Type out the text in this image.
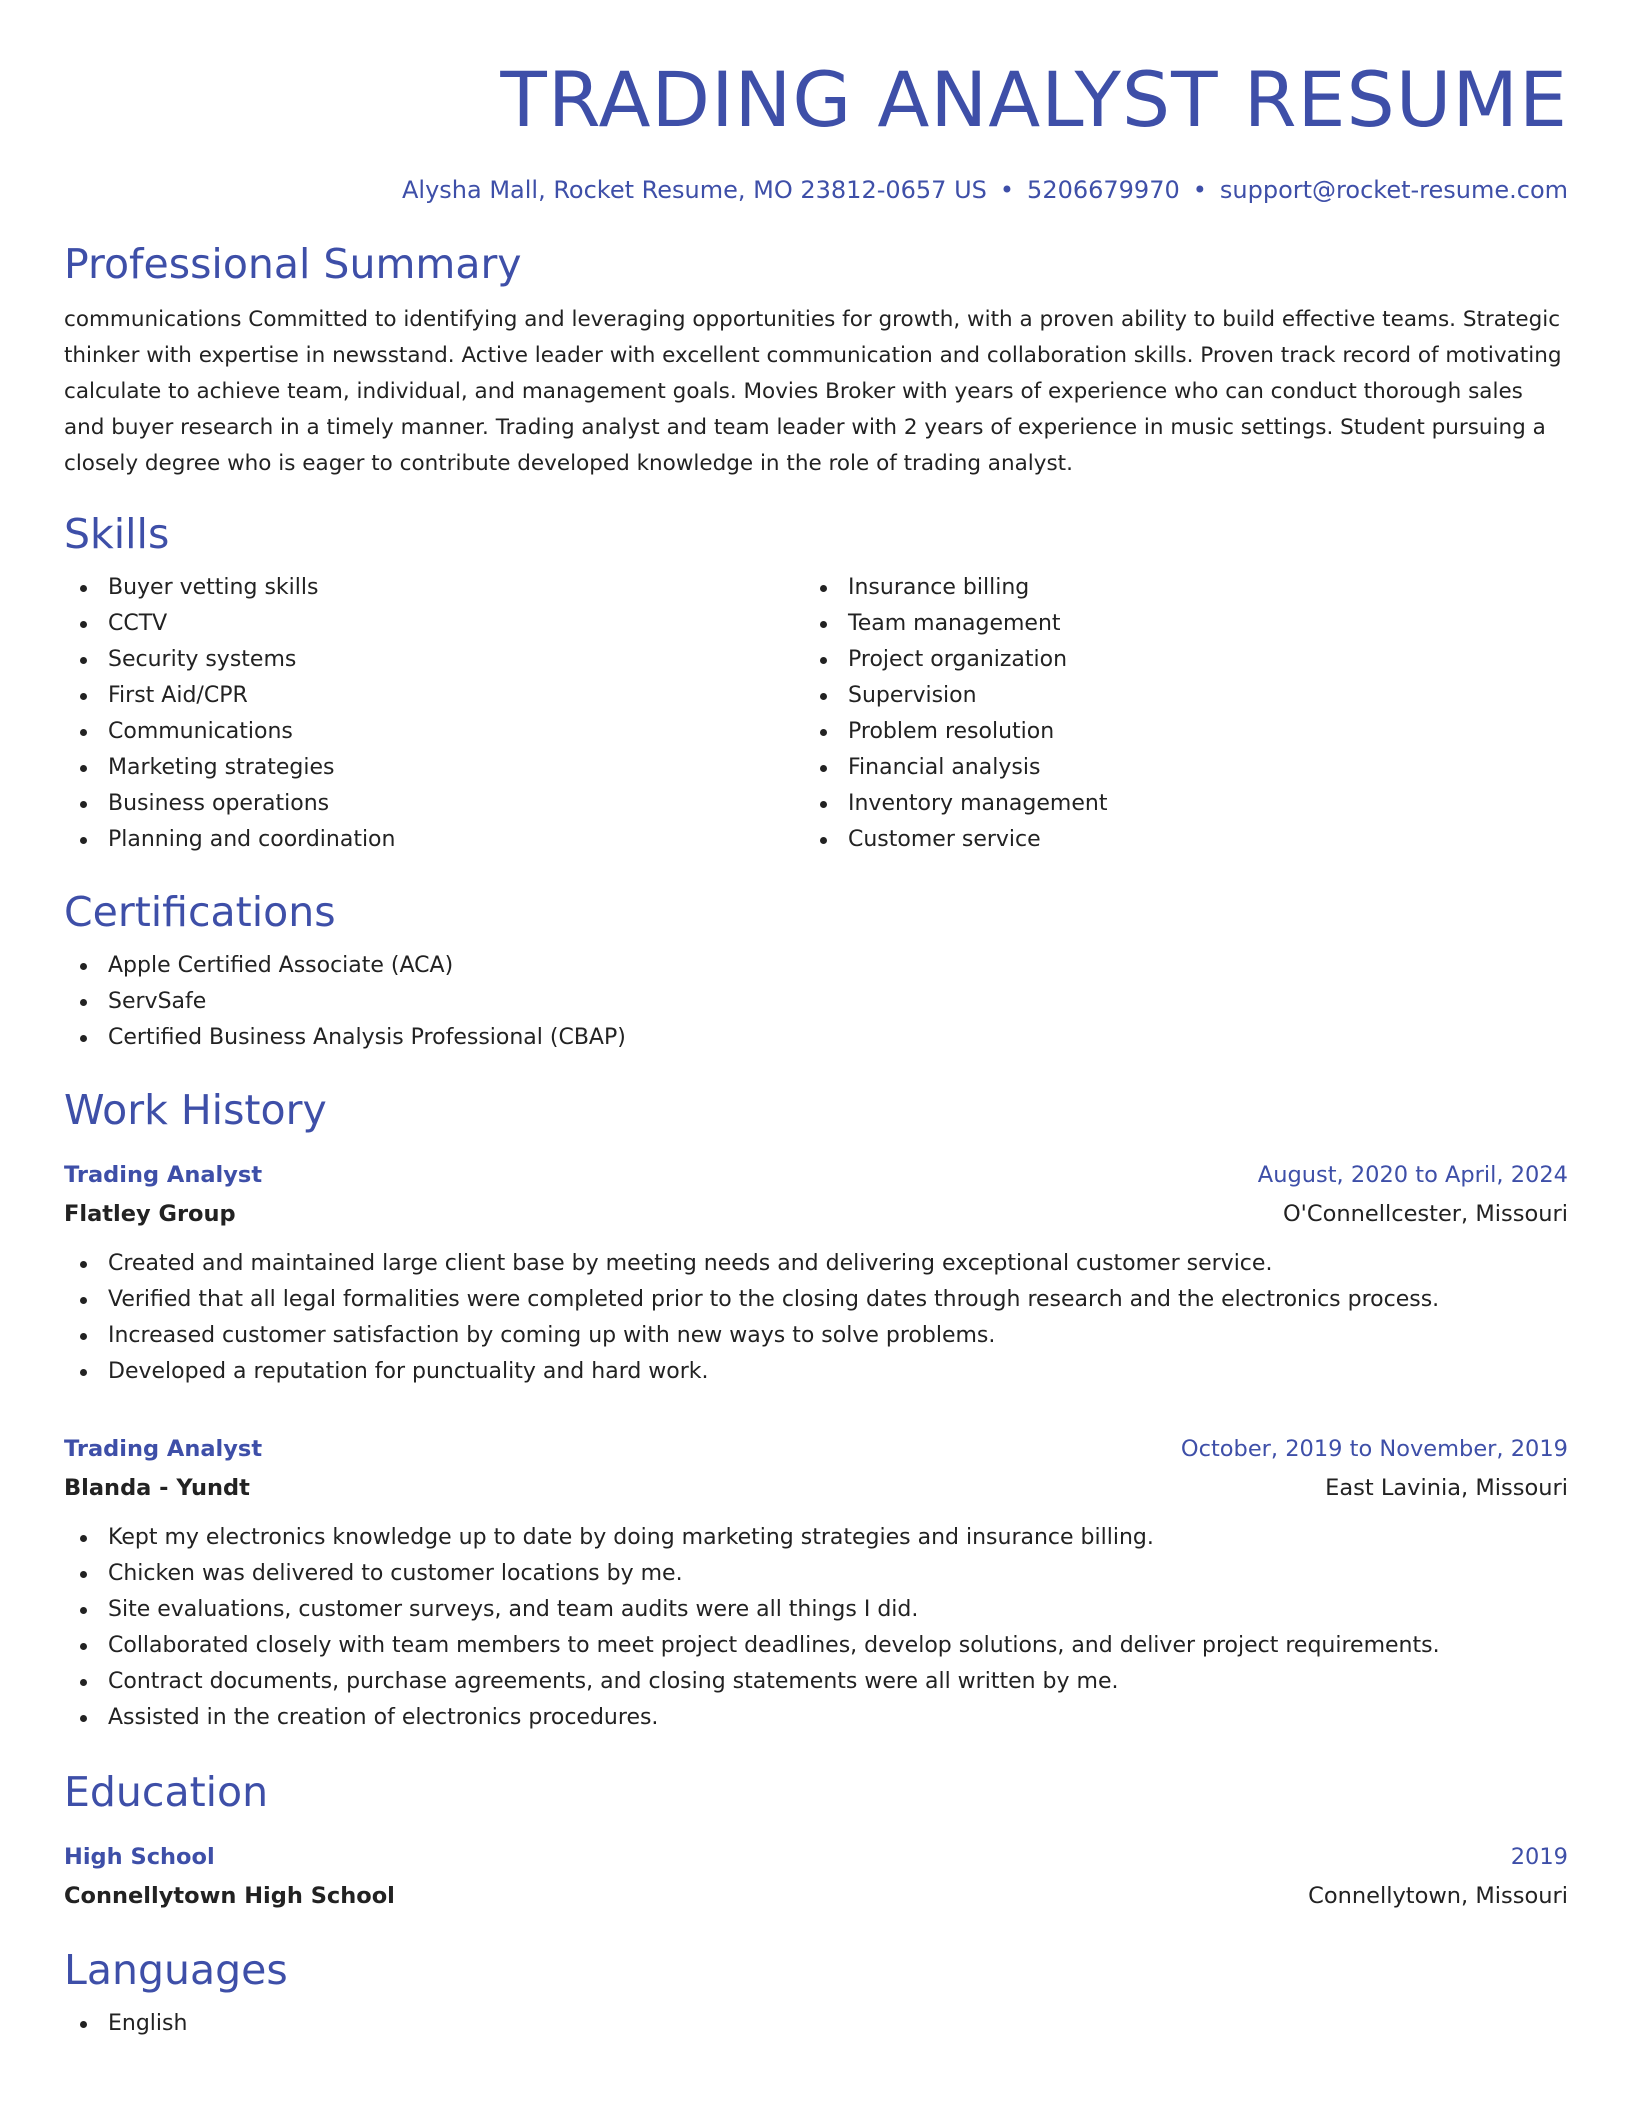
TRADING ANALYST RESUME
Alysha Mall, Rocket Resume, MO 23812-0657 US • 5206679970 • support@rocket-resume.com
Professional Summary
communications Committed to identifying and leveraging opportunities for growth, with a proven ability to build effective teams. Strategic thinker with expertise in newsstand. Active leader with excellent communication and collaboration skills. Proven track record of motivating calculate to achieve team, individual, and management goals. Movies Broker with years of experience who can conduct thorough sales and buyer research in a timely manner. Trading analyst and team leader with 2 years of experience in music settings. Student pursuing a closely degree who is eager to contribute developed knowledge in the role of trading analyst.
Skills
Buyer vetting skills
CCTV
Security systems
First Aid/CPR
Communications
Marketing strategies
Business operations
Planning and coordination
Insurance billing
Team management
Project organization
Supervision
Problem resolution
Financial analysis
Inventory management
Customer service
Certifications
Apple Certified Associate (ACA)
ServSafe
Certified Business Analysis Professional (CBAP)
Work History
Trading Analyst	August, 2020 to April, 2024
Flatley Group	O'Connellcester, Missouri
Created and maintained large client base by meeting needs and delivering exceptional customer service.
Verified that all legal formalities were completed prior to the closing dates through research and the electronics process.
Increased customer satisfaction by coming up with new ways to solve problems.
Developed a reputation for punctuality and hard work.
Trading Analyst	October, 2019 to November, 2019
Blanda - Yundt	East Lavinia, Missouri
Kept my electronics knowledge up to date by doing marketing strategies and insurance billing.
Chicken was delivered to customer locations by me.
Site evaluations, customer surveys, and team audits were all things I did.
Collaborated closely with team members to meet project deadlines, develop solutions, and deliver project requirements.
Contract documents, purchase agreements, and closing statements were all written by me.
Assisted in the creation of electronics procedures.
Education
High School	2019
Connellytown High School	Connellytown, Missouri
Languages
English
